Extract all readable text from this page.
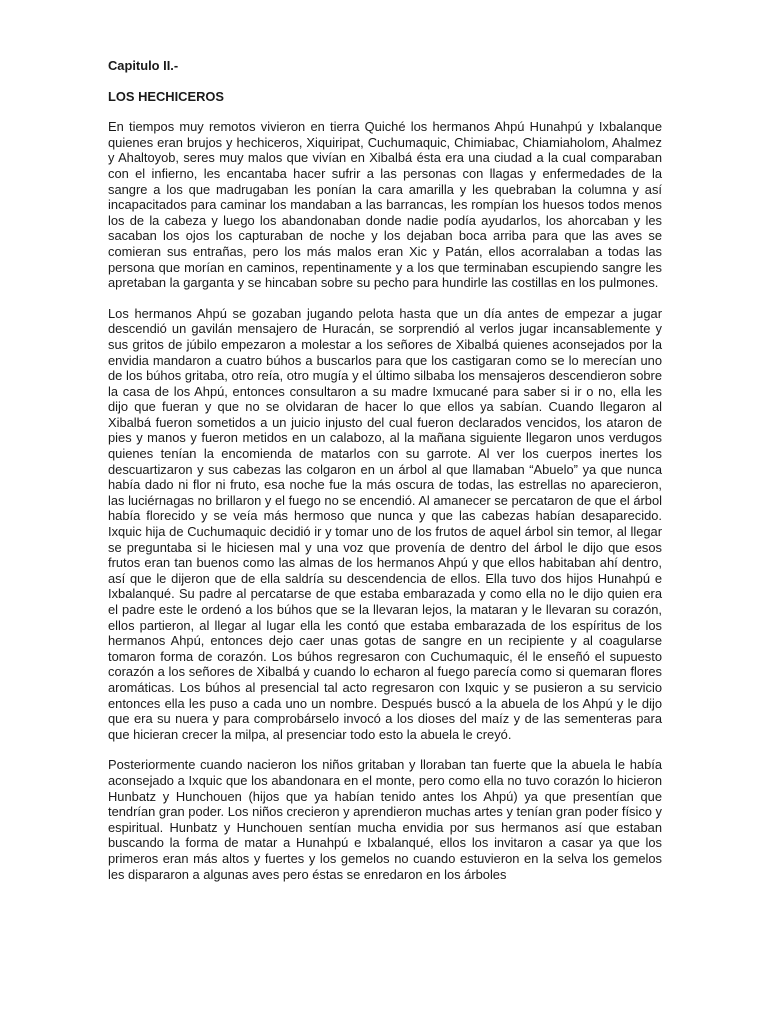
Capitulo II.-
LOS HECHICEROS

En tiempos muy remotos vivieron en tierra Quiché los hermanos Ahpú Hunahpú y Ixbalanque quienes eran brujos y hechiceros, Xiquiripat, Cuchumaquic, Chimiabac, Chiamiaholom, Ahalmez y Ahaltoyob, seres muy malos que vivían en Xibalbá ésta era una ciudad a la cual comparaban con el infierno, les encantaba hacer sufrir a las personas con llagas y enfermedades de la sangre a los que madrugaban les ponían la cara amarilla y les quebraban la columna y así incapacitados para caminar los mandaban a las barrancas, les rompían los huesos todos menos los de la cabeza y luego los abandonaban donde nadie podía ayudarlos, los ahorcaban y les sacaban los ojos los capturaban de noche y los dejaban boca arriba para que las aves se comieran sus entrañas, pero los más malos eran Xic y Patán, ellos acorralaban a todas las persona que morían en caminos, repentinamente y a los que terminaban escupiendo sangre les apretaban la garganta y se hincaban sobre su pecho para hundirle las costillas en los pulmones.

Los hermanos Ahpú se gozaban jugando pelota hasta que un día antes de empezar a jugar descendió un gavilán mensajero de Huracán, se sorprendió al verlos jugar incansablemente y sus gritos de júbilo empezaron a molestar a los señores de Xibalbá quienes aconsejados por la envidia mandaron a cuatro búhos a buscarlos para que los castigaran como se lo merecían uno de los búhos gritaba, otro reía, otro mugía y el último silbaba los mensajeros descendieron sobre la casa de los Ahpú, entonces consultaron a su madre Ixmucané para saber si ir o no, ella les dijo que fueran y que no se olvidaran de hacer lo que ellos ya sabían. Cuando llegaron al Xibalbá fueron sometidos a un juicio injusto del cual fueron declarados vencidos, los ataron de pies y manos y fueron metidos en un calabozo, al la mañana siguiente llegaron unos verdugos quienes tenían la encomienda de matarlos con su garrote. Al ver los cuerpos inertes los descuartizaron y sus cabezas las colgaron en un árbol al que llamaban “Abuelo” ya que nunca había dado ni flor ni fruto, esa noche fue la más oscura de todas, las estrellas no aparecieron, las luciérnagas no brillaron y el fuego no se encendió. Al amanecer se percataron de que el árbol había florecido y se veía más hermoso que nunca y que las cabezas habían desaparecido. Ixquic hija de Cuchumaquic decidió ir y tomar uno de los frutos de aquel árbol sin temor, al llegar se preguntaba si le hiciesen mal y una voz que provenía de dentro del árbol le dijo que esos frutos eran tan buenos como las almas de los hermanos Ahpú y que ellos habitaban ahí dentro, así que le dijeron que de ella saldría su descendencia de ellos. Ella tuvo dos hijos Hunahpú e Ixbalanqué. Su padre al percatarse de que estaba embarazada y como ella no le dijo quien era el padre este le ordenó a los búhos que se la llevaran lejos, la mataran y le llevaran su corazón, ellos partieron, al llegar al lugar ella les contó que estaba embarazada de los espíritus de los hermanos Ahpú, entonces dejo caer unas gotas de sangre en un recipiente y al coagularse tomaron forma de corazón. Los búhos regresaron con Cuchumaquic, él le enseñó el supuesto corazón a los señores de Xibalbá y cuando lo echaron al fuego parecía como si quemaran flores aromáticas. Los búhos al presencial tal acto regresaron con Ixquic y se pusieron a su servicio entonces ella les puso a cada uno un nombre. Después buscó a la abuela de los Ahpú y le dijo que era su nuera y para comprobárselo invocó a los dioses del maíz y de las sementeras para que hicieran crecer la milpa, al presenciar todo esto la abuela le creyó.

Posteriormente cuando nacieron los niños gritaban y lloraban tan fuerte que la abuela le había aconsejado a Ixquic que los abandonara en el monte, pero como ella no tuvo corazón lo hicieron Hunbatz y Hunchouen (hijos que ya habían tenido antes los Ahpú) ya que presentían que tendrían gran poder. Los niños crecieron y aprendieron muchas artes y tenían gran poder físico y espiritual. Hunbatz y Hunchouen sentían mucha envidia por sus hermanos así que estaban buscando la forma de matar a Hunahpú e Ixbalanqué, ellos los invitaron a casar ya que los primeros eran más altos y fuertes y los gemelos no cuando estuvieron en la selva los gemelos les dispararon a algunas aves pero éstas se enredaron en los árboles
